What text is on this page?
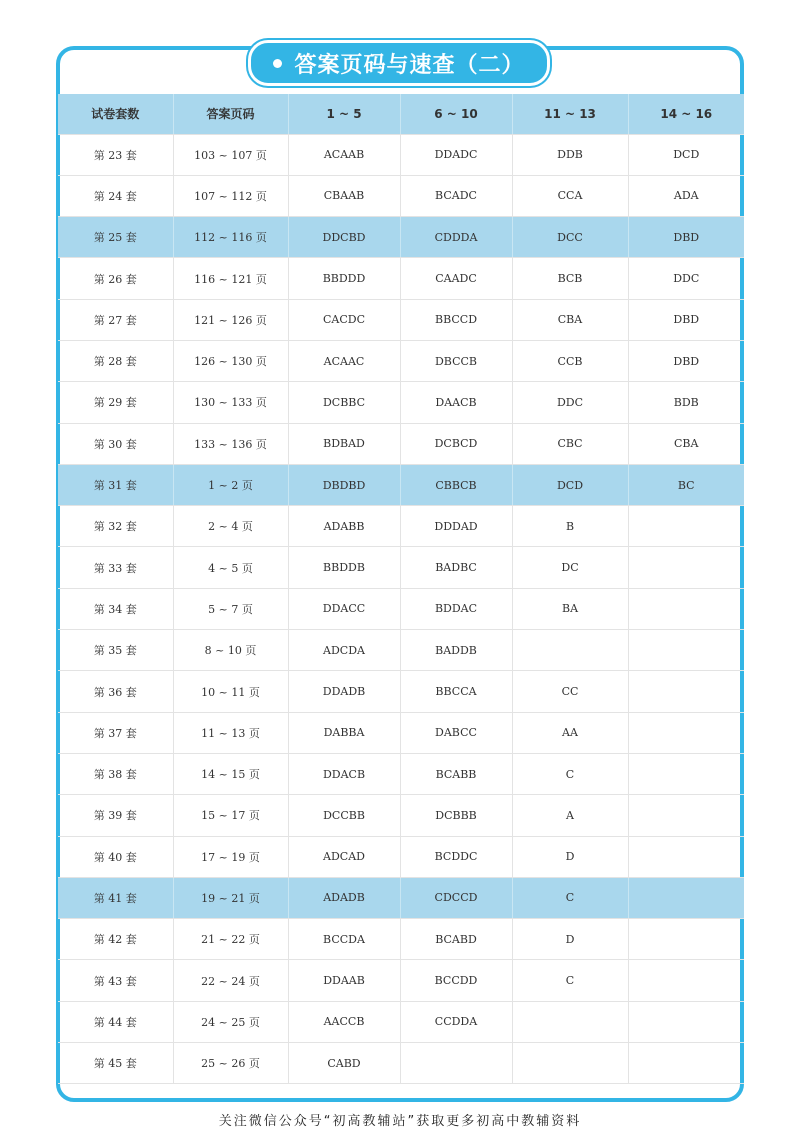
答案页码与速查（二）
试卷套数	答案页码	1 ~ 5	6 ~ 10	11 ~ 13	14 ~ 16
第 23 套	103 ~ 107 页	ACAAB	DDADC	DDB	DCD
第 24 套	107 ~ 112 页	CBAAB	BCADC	CCA	ADA
第 25 套	112 ~ 116 页	DDCBD	CDDDA	DCC	DBD
第 26 套	116 ~ 121 页	BBDDD	CAADC	BCB	DDC
第 27 套	121 ~ 126 页	CACDC	BBCCD	CBA	DBD
第 28 套	126 ~ 130 页	ACAAC	DBCCB	CCB	DBD
第 29 套	130 ~ 133 页	DCBBC	DAACB	DDC	BDB
第 30 套	133 ~ 136 页	BDBAD	DCBCD	CBC	CBA
第 31 套	1 ~ 2 页	DBDBD	CBBCB	DCD	BC
第 32 套	2 ~ 4 页	ADABB	DDDAD	B	
第 33 套	4 ~ 5 页	BBDDB	BADBC	DC	
第 34 套	5 ~ 7 页	DDACC	BDDAC	BA	
第 35 套	8 ~ 10 页	ADCDA	BADDB		
第 36 套	10 ~ 11 页	DDADB	BBCCA	CC	
第 37 套	11 ~ 13 页	DABBA	DABCC	AA	
第 38 套	14 ~ 15 页	DDACB	BCABB	C	
第 39 套	15 ~ 17 页	DCCBB	DCBBB	A	
第 40 套	17 ~ 19 页	ADCAD	BCDDC	D	
第 41 套	19 ~ 21 页	ADADB	CDCCD	C	
第 42 套	21 ~ 22 页	BCCDA	BCABD	D	
第 43 套	22 ~ 24 页	DDAAB	BCCDD	C	
第 44 套	24 ~ 25 页	AACCB	CCDDA		
第 45 套	25 ~ 26 页	CABD			
关注微信公众号“初高教辅站”获取更多初高中教辅资料
